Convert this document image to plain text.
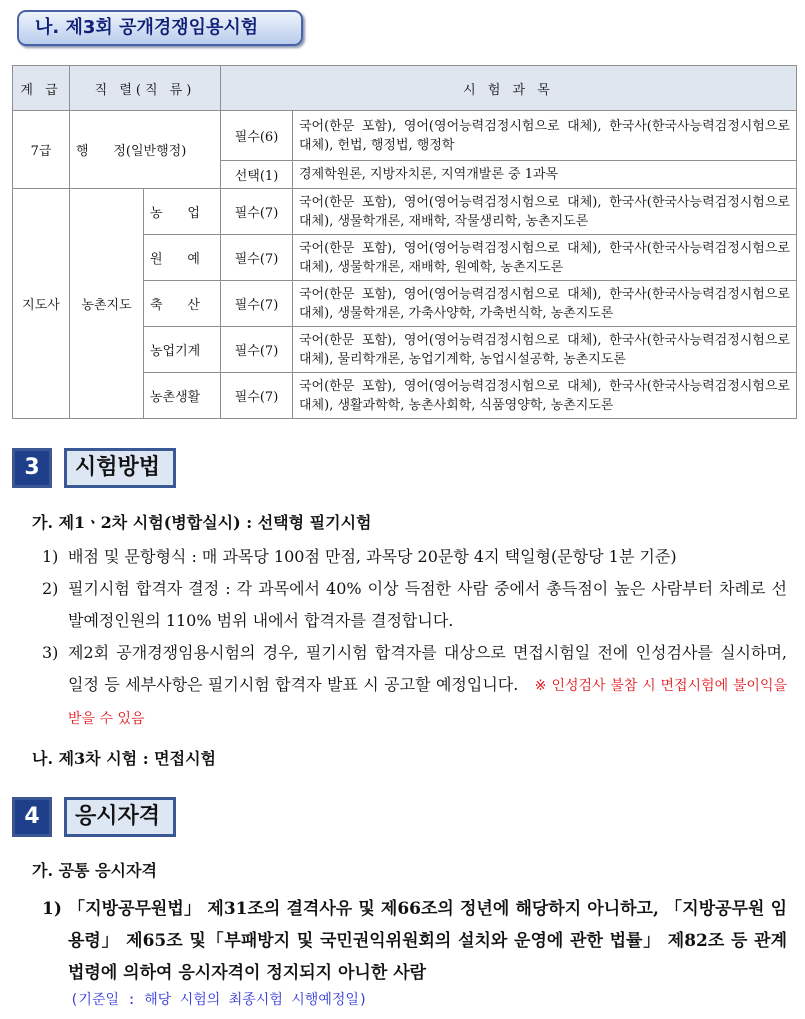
나. 제3회 공개경쟁임용시험
계 급	직 렬(직 류)		시 험 과 목	
7급	행      정(일반행정)		필수(6)	국어(한문 포함), 영어(영어능력검정시험으로 대체), 한국사(한국사능력검정시험으로 대체), 헌법, 행정법, 행정학
			선택(1)	경제학원론, 지방자치론, 지역개발론 중 1과목
지도사	농촌지도	농      업	필수(7)	국어(한문 포함), 영어(영어능력검정시험으로 대체), 한국사(한국사능력검정시험으로 대체), 생물학개론, 재배학, 작물생리학, 농촌지도론
		원      예	필수(7)	국어(한문 포함), 영어(영어능력검정시험으로 대체), 한국사(한국사능력검정시험으로 대체), 생물학개론, 재배학, 원예학, 농촌지도론
		축      산	필수(7)	국어(한문 포함), 영어(영어능력검정시험으로 대체), 한국사(한국사능력검정시험으로 대체), 생물학개론, 가축사양학, 가축번식학, 농촌지도론
		농업기계	필수(7)	국어(한문 포함), 영어(영어능력검정시험으로 대체), 한국사(한국사능력검정시험으로 대체), 물리학개론, 농업기계학, 농업시설공학, 농촌지도론
		농촌생활	필수(7)	국어(한문 포함), 영어(영어능력검정시험으로 대체), 한국사(한국사능력검정시험으로 대체), 생활과학학, 농촌사회학, 식품영양학, 농촌지도론
3	시험방법
가. 제1ㆍ2차 시험(병합실시) : 선택형 필기시험
1) 배점 및 문항형식 : 매 과목당 100점 만점, 과목당 20문항 4지 택일형(문항당 1분 기준)
2) 필기시험 합격자 결정 : 각 과목에서 40% 이상 득점한 사람 중에서 총득점이 높은 사람부터 차례로 선발예정인원의 110% 범위 내에서 합격자를 결정합니다.
3) 제2회 공개경쟁임용시험의 경우, 필기시험 합격자를 대상으로 면접시험일 전에 인성검사를 실시하며, 일정 등 세부사항은 필기시험 합격자 발표 시 공고할 예정입니다. ※ 인성검사 불참 시 면접시험에 불이익을 받을 수 있음
나. 제3차 시험 : 면접시험
4	응시자격
가. 공통 응시자격
1) 「지방공무원법」 제31조의 결격사유 및 제66조의 정년에 해당하지 아니하고, 「지방공무원 임용령」 제65조 및「부패방지 및 국민권익위원회의 설치와 운영에 관한 법률」 제82조 등 관계법령에 의하여 응시자격이 정지되지 아니한 사람
(기준일 : 해당 시험의 최종시험 시행예정일)
